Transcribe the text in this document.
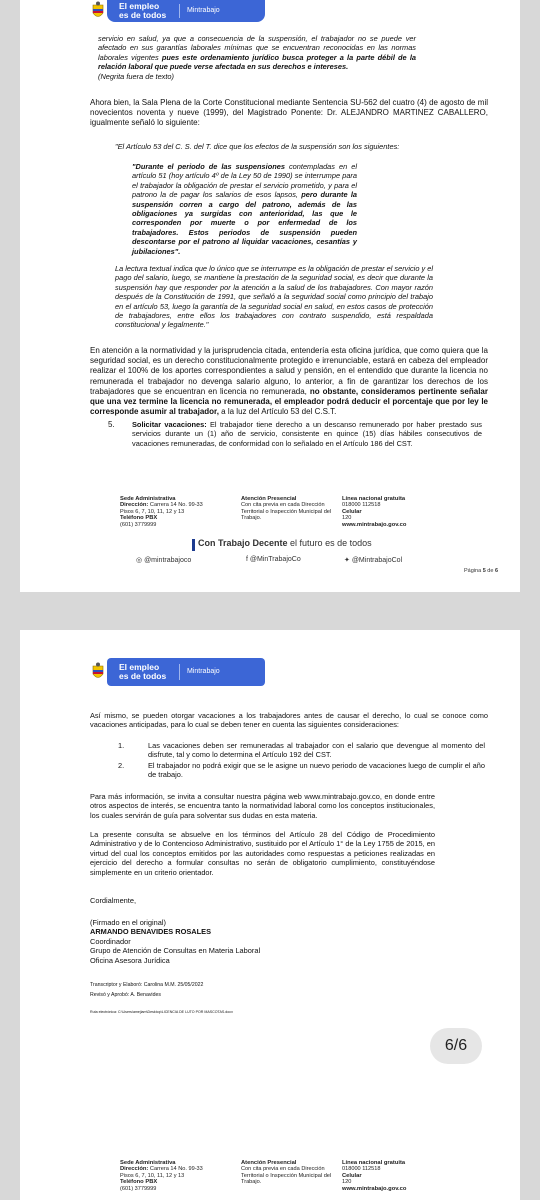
El empleo
es de todos	Mintrabajo
servicio en salud, ya que a consecuencia de la suspensión, el trabajador no se puede ver afectado en sus garantías laborales mínimas que se encuentran reconocidas en las normas laborales vigentes pues este ordenamiento jurídico busca proteger a la parte débil de la relación laboral que puede verse afectada en sus derechos e intereses.
(Negrita fuera de texto)
Ahora bien, la Sala Plena de la Corte Constitucional mediante Sentencia SU-562 del cuatro (4) de agosto de mil novecientos noventa y nueve (1999), del Magistrado Ponente: Dr. ALEJANDRO MARTINEZ CABALLERO, igualmente señaló lo siguiente:
"El Artículo 53 del C. S. del T. dice que los efectos de la suspensión son los siguientes:
"Durante el periodo de las suspensiones contempladas en el artículo 51 (hoy artículo 4º de la Ley 50 de 1990) se interrumpe para el trabajador la obligación de prestar el servicio prometido, y para el patrono la de pagar los salarios de esos lapsos, pero durante la suspensión corren a cargo del patrono, además de las obligaciones ya surgidas con anterioridad, las que le corresponden por muerte o por enfermedad de los trabajadores. Estos periodos de suspensión pueden descontarse por el patrono al liquidar vacaciones, cesantías y jubilaciones".
La lectura textual indica que lo único que se interrumpe es la obligación de prestar el servicio y el pago del salario, luego, se mantiene la prestación de la seguridad social, es decir que durante la suspensión hay que responder por la atención a la salud de los trabajadores. Con mayor razón después de la Constitución de 1991, que señaló a la seguridad social como principio del trabajo en el artículo 53, luego la garantía de la seguridad social en salud, en estos casos de protección de trabajadores, entre ellos los trabajadores con contrato suspendido, está respaldada constitucional y legalmente."
En atención a la normatividad y la jurisprudencia citada, entendería esta oficina jurídica, que como quiera que la seguridad social, es un derecho constitucionalmente protegido e irrenunciable, estará en cabeza del empleador realizar el 100% de los aportes correspondientes a salud y pensión, en el entendido que durante la licencia no remunerada el trabajador no devenga salario alguno, lo anterior, a fin de garantizar los derechos de los trabajadores que se encuentran en licencia no remunerada, no obstante, consideramos pertinente señalar que una vez termine la licencia no remunerada, el empleador podrá deducir el porcentaje que por ley le corresponde asumir al trabajador, a la luz del Artículo 53 del C.S.T.
5.	Solicitar vacaciones: El trabajador tiene derecho a un descanso remunerado por haber prestado sus servicios durante un (1) año de servicio, consistente en quince (15) días hábiles consecutivos de vacaciones remuneradas, de conformidad con lo señalado en el Artículo 186 del CST.
Sede Administrativa
Dirección: Carrera 14 No. 99-33
Pisos 6, 7, 10, 11, 12 y 13
Teléfono PBX
(601) 3779999
Atención Presencial
Con cita previa en cada Dirección Territorial o Inspección Municipal del Trabajo.
Línea nacional gratuita
018000 112518
Celular
120
www.mintrabajo.gov.co
Con Trabajo Decente el futuro es de todos
◎ @mintrabajoco	f @MinTrabajoCo	✦ @MintrabajoCol
Página 5 de 6
El empleo
es de todos	Mintrabajo
Así mismo, se pueden otorgar vacaciones a los trabajadores antes de causar el derecho, lo cual se conoce como vacaciones anticipadas, para lo cual se deben tener en cuenta las siguientes consideraciones:
1.	Las vacaciones deben ser remuneradas al trabajador con el salario que devengue al momento del disfrute, tal y como lo determina el Artículo 192 del CST.
2.	El trabajador no podrá exigir que se le asigne un nuevo periodo de vacaciones luego de cumplir el año de trabajo.
Para más información, se invita a consultar nuestra página web www.mintrabajo.gov.co, en donde entre otros aspectos de interés, se encuentra tanto la normatividad laboral como los conceptos institucionales, los cuales servirán de guía para solventar sus dudas en esta materia.
La presente consulta se absuelve en los términos del Artículo 28 del Código de Procedimiento Administrativo y de lo Contencioso Administrativo, sustituido por el Artículo 1° de la Ley 1755 de 2015, en virtud del cual los conceptos emitidos por las autoridades como respuestas a peticiones realizadas en ejercicio del derecho a formular consultas no serán de obligatorio cumplimiento, constituyéndose simplemente en un criterio orientador.
Cordialmente,
(Firmado en el original)
ARMANDO BENAVIDES ROSALES
Coordinador
Grupo de Atención de Consultas en Materia Laboral
Oficina Asesora Jurídica
Transcriptor y Elaboró: Carolina M.M. 25/05/2022
Revisó y Aprobó: A. Benavides
Ruta electrónica: C:\Users\amejiam\Desktop\LICENCIA DE LUTO POR MASCOTAS.docx
Sede Administrativa
Dirección: Carrera 14 No. 99-33
Pisos 6, 7, 10, 11, 12 y 13
Teléfono PBX
(601) 3779999
Atención Presencial
Con cita previa en cada Dirección Territorial o Inspección Municipal del Trabajo.
Línea nacional gratuita
018000 112518
Celular
120
www.mintrabajo.gov.co
6/6
